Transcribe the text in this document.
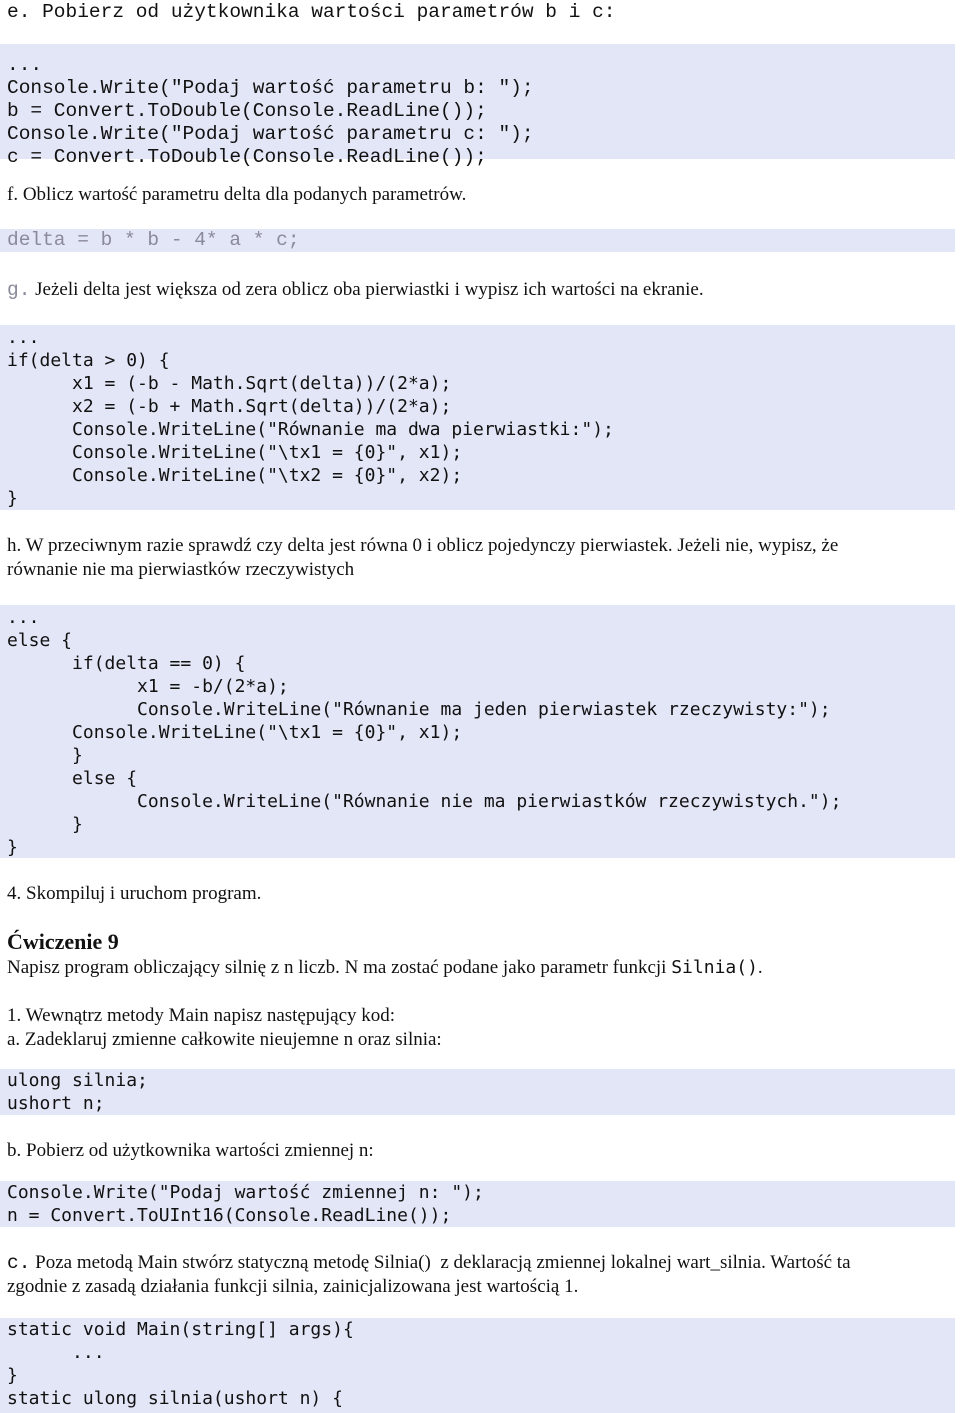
e. Pobierz od użytkownika wartości parametrów b i c:
...
Console.Write("Podaj wartość parametru b: ");
b = Convert.ToDouble(Console.ReadLine());
Console.Write("Podaj wartość parametru c: ");
c = Convert.ToDouble(Console.ReadLine());
f. Oblicz wartość parametru delta dla podanych parametrów.
delta = b * b - 4* a * c;
g. Jeżeli delta jest większa od zera oblicz oba pierwiastki i wypisz ich wartości na ekranie.
...
if(delta > 0) {
x1 = (-b - Math.Sqrt(delta))/(2*a);
x2 = (-b + Math.Sqrt(delta))/(2*a);
Console.WriteLine("Równanie ma dwa pierwiastki:");
Console.WriteLine("\tx1 = {0}", x1);
Console.WriteLine("\tx2 = {0}", x2);
}
h. W przeciwnym razie sprawdź czy delta jest równa 0 i oblicz pojedynczy pierwiastek. Jeżeli nie, wypisz, że
równanie nie ma pierwiastków rzeczywistych
...
else {
if(delta == 0) {
x1 = -b/(2*a);
Console.WriteLine("Równanie ma jeden pierwiastek rzeczywisty:");
Console.WriteLine("\tx1 = {0}", x1);
}
else {
Console.WriteLine("Równanie nie ma pierwiastków rzeczywistych.");
}
}
4. Skompiluj i uruchom program.
Ćwiczenie 9
Napisz program obliczający silnię z n liczb. N ma zostać podane jako parametr funkcji Silnia().
1. Wewnątrz metody Main napisz następujący kod:
a. Zadeklaruj zmienne całkowite nieujemne n oraz silnia:
ulong silnia;
ushort n;
b. Pobierz od użytkownika wartości zmiennej n:
Console.Write("Podaj wartość zmiennej n: ");
n = Convert.ToUInt16(Console.ReadLine());
c. Poza metodą Main stwórz statyczną metodę Silnia()  z deklaracją zmiennej lokalnej wart_silnia. Wartość ta
zgodnie z zasadą działania funkcji silnia, zainicjalizowana jest wartością 1.
static void Main(string[] args){
...
}
static ulong silnia(ushort n) {
